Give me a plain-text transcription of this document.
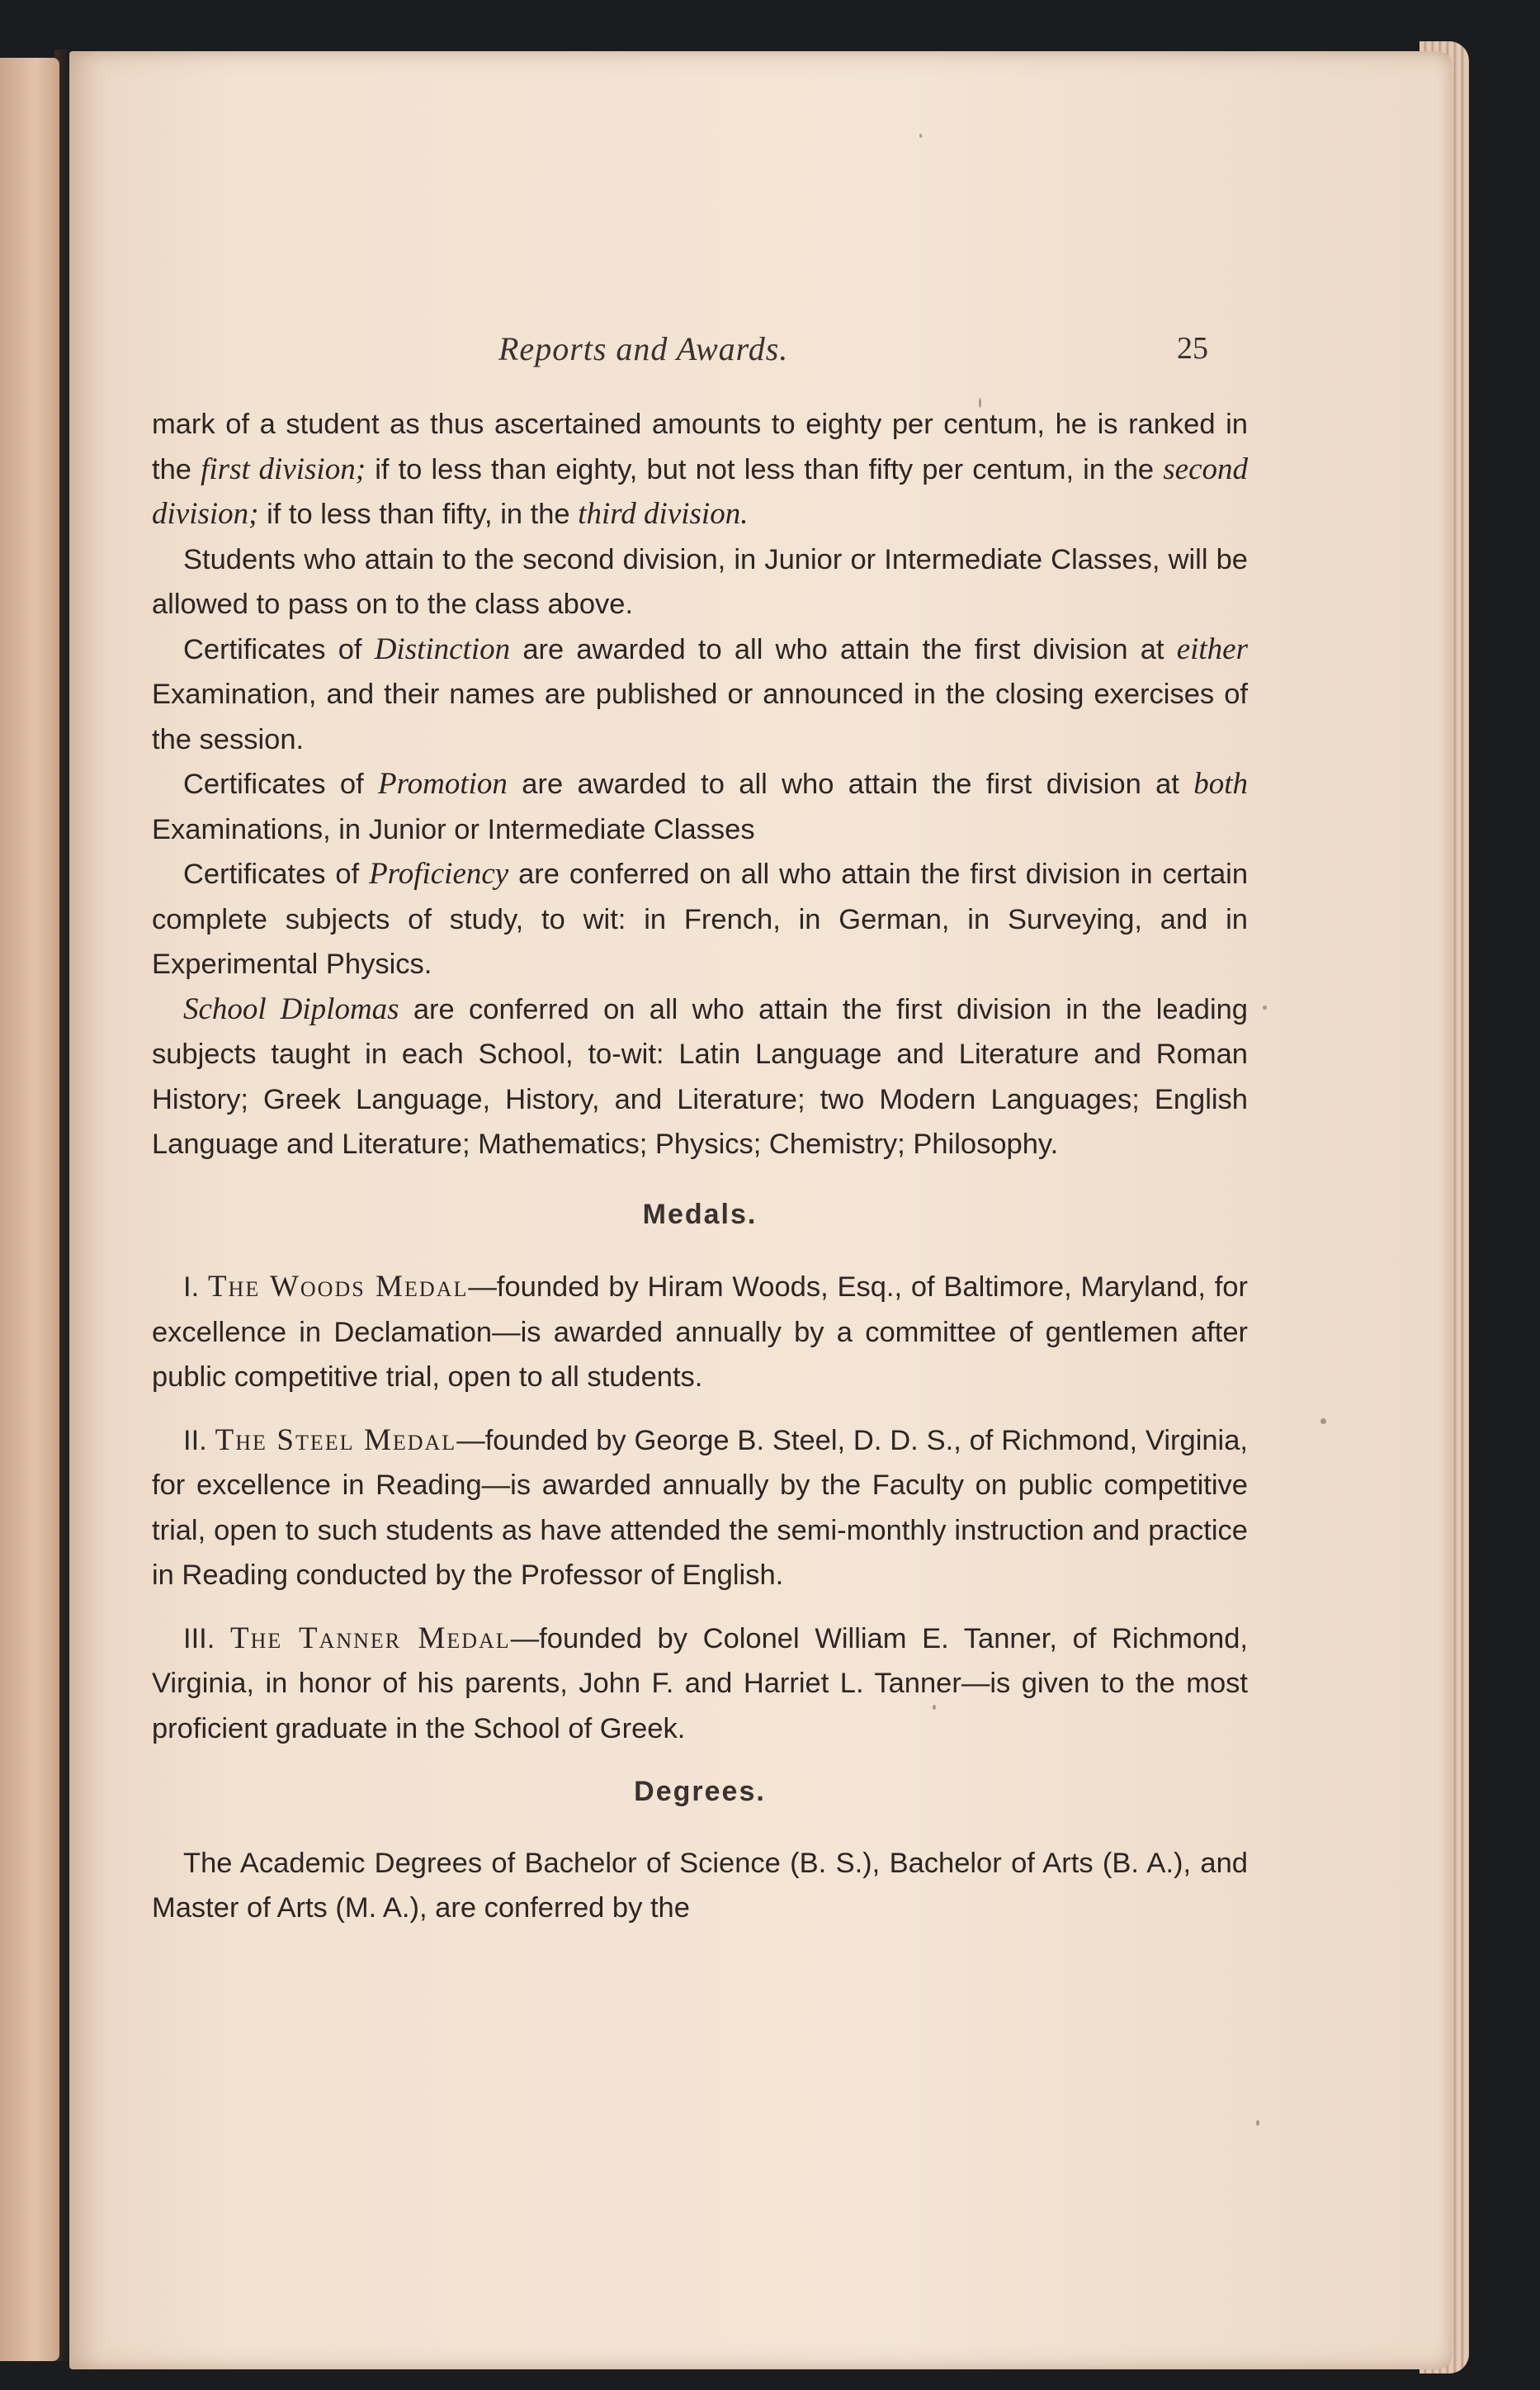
Reports and Awards.	25

mark of a student as thus ascertained amounts to eighty per centum, he is ranked in the first division; if to less than eighty, but not less than fifty per centum, in the second division; if to less than fifty, in the third division.

Students who attain to the second division, in Junior or Intermediate Classes, will be allowed to pass on to the class above.

Certificates of Distinction are awarded to all who attain the first division at either Examination, and their names are published or announced in the closing exercises of the session.

Certificates of Promotion are awarded to all who attain the first division at both Examinations, in Junior or Intermediate Classes

Certificates of Proficiency are conferred on all who attain the first division in certain complete subjects of study, to wit: in French, in German, in Surveying, and in Experimental Physics.

School Diplomas are conferred on all who attain the first division in the leading subjects taught in each School, to-wit: Latin Language and Literature and Roman History; Greek Language, History, and Literature; two Modern Languages; English Language and Literature; Mathematics; Physics; Chemistry; Philosophy.

Medals.

I. The Woods Medal—founded by Hiram Woods, Esq., of Baltimore, Maryland, for excellence in Declamation—is awarded annually by a committee of gentlemen after public competitive trial, open to all students.

II. The Steel Medal—founded by George B. Steel, D. D. S., of Richmond, Virginia, for excellence in Reading—is awarded annually by the Faculty on public competitive trial, open to such students as have attended the semi-monthly instruction and practice in Reading conducted by the Professor of English.

III. The Tanner Medal—founded by Colonel William E. Tanner, of Richmond, Virginia, in honor of his parents, John F. and Harriet L. Tanner—is given to the most proficient graduate in the School of Greek.

Degrees.

The Academic Degrees of Bachelor of Science (B. S.), Bachelor of Arts (B. A.), and Master of Arts (M. A.), are conferred by the
